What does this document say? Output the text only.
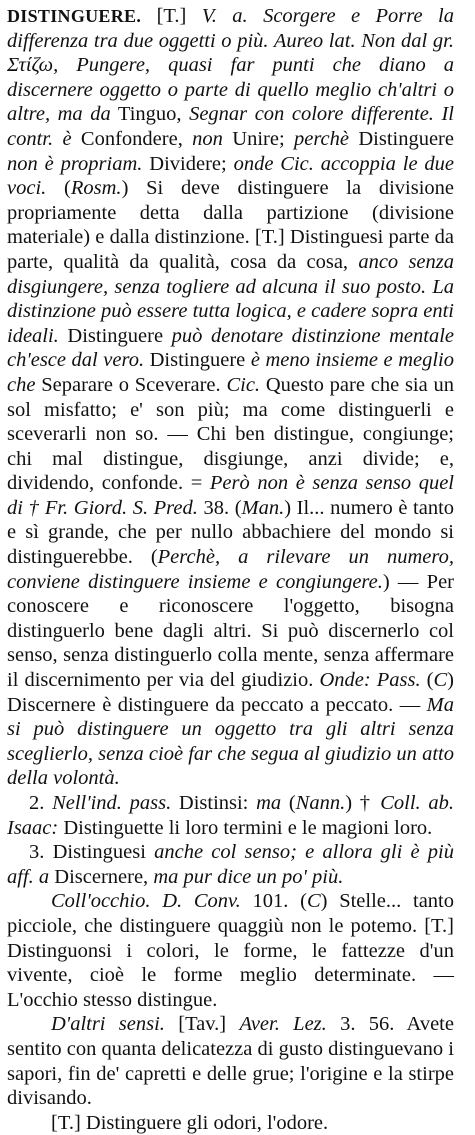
DISTINGUERE. [T.] V. a. Scorgere e Porre la differenza tra due oggetti o più. Aureo lat. Non dal gr. Στίζω, Pungere, quasi far punti che diano a discernere oggetto o parte di quello meglio ch'altri o altre, ma da Tinguo, Segnar con colore differente. Il contr. è Confondere, non Unire; perchè Distinguere non è propriam. Dividere; onde Cic. accoppia le due voci. (Rosm.) Si deve distinguere la divisione propriamente detta dalla partizione (divisione materiale) e dalla distinzione. [T.] Distinguesi parte da parte, qualità da qualità, cosa da cosa, anco senza disgiungere, senza togliere ad alcuna il suo posto. La distinzione può essere tutta logica, e cadere sopra enti ideali. Distinguere può denotare distinzione mentale ch'esce dal vero. Distinguere è meno insieme e meglio che Separare o Sceverare. Cic. Questo pare che sia un sol misfatto; e' son più; ma come distinguerli e sceverarli non so. — Chi ben distingue, congiunge; chi mal distingue, disgiunge, anzi divide; e, dividendo, confonde. = Però non è senza senso quel di † Fr. Giord. S. Pred. 38. (Man.) Il... numero è tanto e sì grande, che per nullo abbachiere del mondo si distinguerebbe. (Perchè, a rilevare un numero, conviene distinguere insieme e congiungere.) — Per conoscere e riconoscere l'oggetto, bisogna distinguerlo bene dagli altri. Si può discernerlo col senso, senza distinguerlo colla mente, senza affermare il discernimento per via del giudizio. Onde: Pass. (C) Discernere è distinguere da peccato a peccato. — Ma si può distinguere un oggetto tra gli altri senza sceglierlo, senza cioè far che segua al giudizio un atto della volontà.

2. Nell'ind. pass. Distinsi: ma (Nann.) † Coll. ab. Isaac: Distinguette li loro termini e le magioni loro.

3. Distinguesi anche col senso; e allora gli è più aff. a Discernere, ma pur dice un po' più.

Coll'occhio. D. Conv. 101. (C) Stelle... tanto picciole, che distinguere quaggiù non le potemo. [T.] Distinguonsi i colori, le forme, le fattezze d'un vivente, cioè le forme meglio determinate. — L'occhio stesso distingue.

D'altri sensi. [Tav.] Aver. Lez. 3. 56. Avete sentito con quanta delicatezza di gusto distinguevano i sapori, fin de' capretti e delle grue; l'origine e la stirpe divisando.

[T.] Distinguere gli odori, l'odore.
